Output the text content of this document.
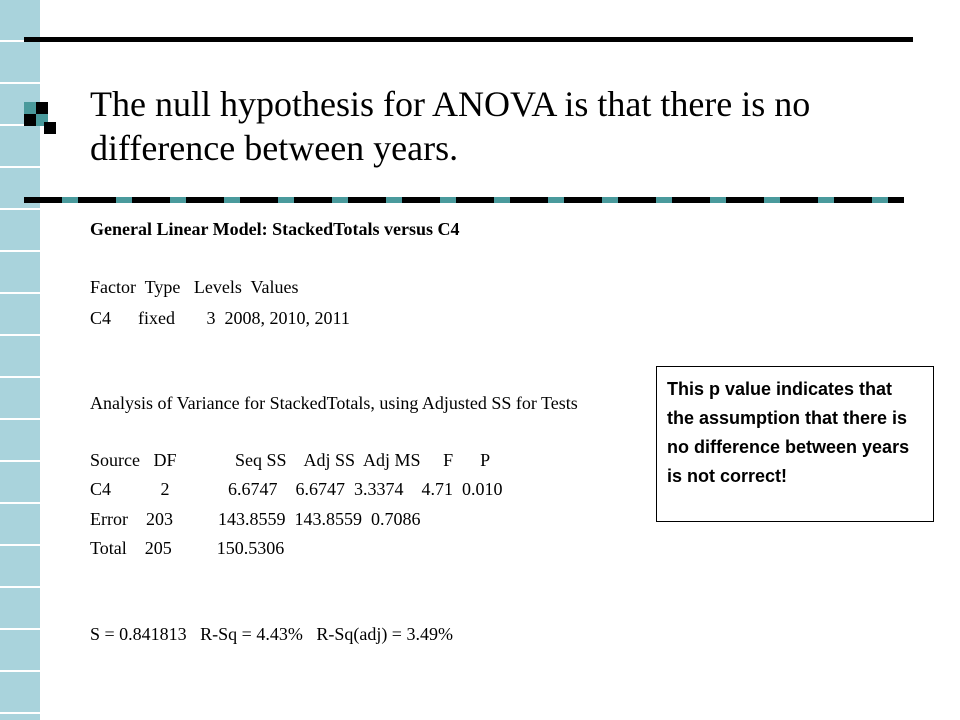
The null hypothesis for ANOVA is that there is no difference between years.

General Linear Model: StackedTotals versus C4

Factor  Type   Levels  Values

C4      fixed       3  2008, 2010, 2011

Analysis of Variance for StackedTotals, using Adjusted SS for Tests

Source   DF             Seq SS    Adj SS  Adj MS     F      P

C4           2             6.6747    6.6747  3.3374    4.71  0.010

Error    203          143.8559  143.8559  0.7086

Total    205          150.5306

S = 0.841813   R-Sq = 4.43%   R-Sq(adj) = 3.49%

This p value indicates that the assumption that there is no difference between years is not correct!
